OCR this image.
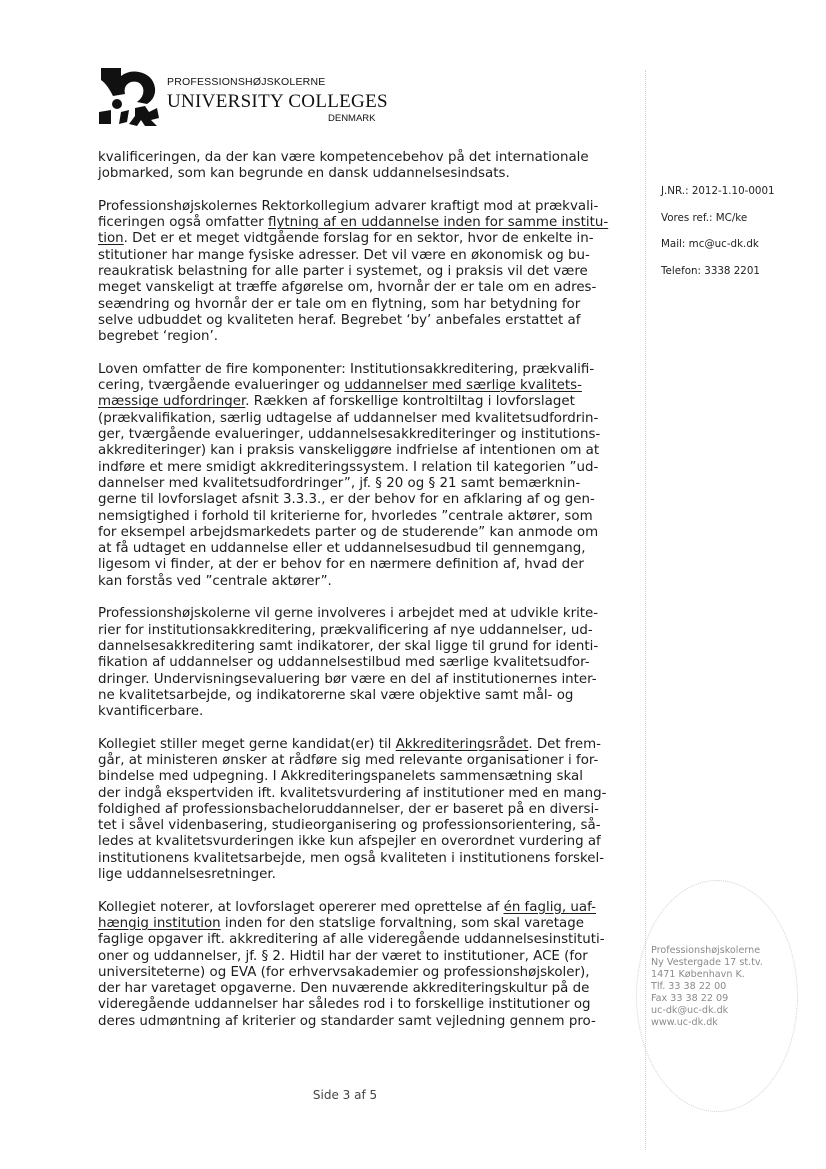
PROFESSIONSHØJSKOLERNE
UNIVERSITY COLLEGES
DENMARK
J.NR.: 2012-1.10-0001
Vores ref.: MC/ke
Mail: mc@uc-dk.dk
Telefon: 3338 2201

kvalificeringen, da der kan være kompetencebehov på det internationale
jobmarked, som kan begrunde en dansk uddannelsesindsats.

Professionshøjskolernes Rektorkollegium advarer kraftigt mod at prækvali-
ficeringen også omfatter flytning af en uddannelse inden for samme institu-
tion. Det er et meget vidtgående forslag for en sektor, hvor de enkelte in-
stitutioner har mange fysiske adresser. Det vil være en økonomisk og bu-
reaukratisk belastning for alle parter i systemet, og i praksis vil det være
meget vanskeligt at træffe afgørelse om, hvornår der er tale om en adres-
seændring og hvornår der er tale om en flytning, som har betydning for
selve udbuddet og kvaliteten heraf. Begrebet ‘by’ anbefales erstattet af
begrebet ‘region’.

Loven omfatter de fire komponenter: Institutionsakkreditering, prækvalifi-
cering, tværgående evalueringer og uddannelser med særlige kvalitets-
mæssige udfordringer. Rækken af forskellige kontroltiltag i lovforslaget
(prækvalifikation, særlig udtagelse af uddannelser med kvalitetsudfordrin-
ger, tværgående evalueringer, uddannelsesakkrediteringer og institutions-
akkrediteringer) kan i praksis vanskeliggøre indfrielse af intentionen om at
indføre et mere smidigt akkrediteringssystem. I relation til kategorien ”ud-
dannelser med kvalitetsudfordringer”, jf. § 20 og § 21 samt bemærknin-
gerne til lovforslaget afsnit 3.3.3., er der behov for en afklaring af og gen-
nemsigtighed i forhold til kriterierne for, hvorledes ”centrale aktører, som
for eksempel arbejdsmarkedets parter og de studerende” kan anmode om
at få udtaget en uddannelse eller et uddannelsesudbud til gennemgang,
ligesom vi finder, at der er behov for en nærmere definition af, hvad der
kan forstås ved ”centrale aktører”.

Professionshøjskolerne vil gerne involveres i arbejdet med at udvikle krite-
rier for institutionsakkreditering, prækvalificering af nye uddannelser, ud-
dannelsesakkreditering samt indikatorer, der skal ligge til grund for identi-
fikation af uddannelser og uddannelsestilbud med særlige kvalitetsudfor-
dringer. Undervisningsevaluering bør være en del af institutionernes inter-
ne kvalitetsarbejde, og indikatorerne skal være objektive samt mål- og
kvantificerbare.

Kollegiet stiller meget gerne kandidat(er) til Akkrediteringsrådet. Det frem-
går, at ministeren ønsker at rådføre sig med relevante organisationer i for-
bindelse med udpegning. I Akkrediteringspanelets sammensætning skal
der indgå ekspertviden ift. kvalitetsvurdering af institutioner med en mang-
foldighed af professionsbacheloruddannelser, der er baseret på en diversi-
tet i såvel videnbasering, studieorganisering og professionsorientering, så-
ledes at kvalitetsvurderingen ikke kun afspejler en overordnet vurdering af
institutionens kvalitetsarbejde, men også kvaliteten i institutionens forskel-
lige uddannelsesretninger.

Kollegiet noterer, at lovforslaget opererer med oprettelse af én faglig, uaf-
hængig institution inden for den statslige forvaltning, som skal varetage
faglige opgaver ift. akkreditering af alle videregående uddannelsesinstituti-
oner og uddannelser, jf. § 2. Hidtil har der været to institutioner, ACE (for
universiteterne) og EVA (for erhvervsakademier og professionshøjskoler),
der har varetaget opgaverne. Den nuværende akkrediteringskultur på de
videregående uddannelser har således rod i to forskellige institutioner og
deres udmøntning af kriterier og standarder samt vejledning gennem pro-

Professionshøjskolerne
Ny Vestergade 17 st.tv.
1471 København K.
Tlf. 33 38 22 00
Fax 33 38 22 09
uc-dk@uc-dk.dk
www.uc-dk.dk
Side 3 af 5
